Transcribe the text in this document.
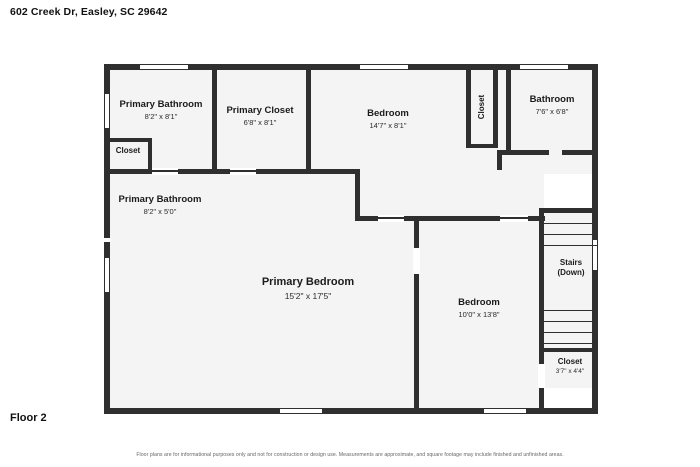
602 Creek Dr, Easley, SC 29642
Primary Bathroom
8'2" x 8'1"
Closet
Primary Closet
6'8" x 8'1"
Bedroom
14'7" x 8'1"
Closet	Bathroom
7'6" x 6'8"
Primary Bathroom
8'2" x 5'0"
Primary Bedroom
15'2" x 17'5"
Bedroom
10'0" x 13'8"
Stairs
(Down)
Closet
3'7" x 4'4"
Floor 2
Floor plans are for informational purposes only and not for construction or design use. Measurements are approximate, and square footage may include finished and unfinished areas.
